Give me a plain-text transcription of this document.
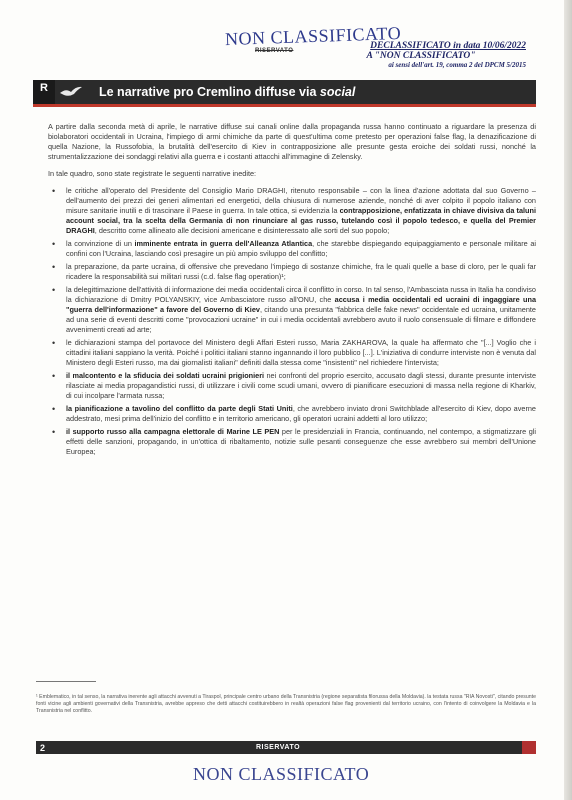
NON CLASSIFICATO
RISERVATO	DECLASSIFICATO in data 10/06/2022
A "NON CLASSIFICATO"
ai sensi dell'art. 19, comma 2 del DPCM 5/2015
R	Le narrative pro Cremlino diffuse via social

A partire dalla seconda metà di aprile, le narrative diffuse sui canali online dalla propaganda russa hanno continuato a riguardare la presenza di biolaboratori occidentali in Ucraina, l'impiego di armi chimiche da parte di quest'ultima come pretesto per operazioni false flag, la denazificazione di quella Nazione, la Russofobia, la brutalità dell'esercito di Kiev in contrapposizione alle presunte gesta eroiche dei soldati russi, nonché la strumentalizzazione dei sondaggi relativi alla guerra e i costanti attacchi all'immagine di Zelensky.

In tale quadro, sono state registrate le seguenti narrative inedite:

• le critiche all'operato del Presidente del Consiglio Mario DRAGHI, ritenuto responsabile – con la linea d'azione adottata dal suo Governo – dell'aumento dei prezzi dei generi alimentari ed energetici, della chiusura di numerose aziende, nonché di aver colpito il popolo italiano con misure sanitarie inutili e di trascinare il Paese in guerra. In tale ottica, si evidenzia la contrapposizione, enfatizzata in chiave divisiva da taluni account social, tra la scelta della Germania di non rinunciare al gas russo, tutelando così il popolo tedesco, e quella del Premier DRAGHI, descritto come allineato alle decisioni americane e disinteressato alle sorti del suo popolo;
• la convinzione di un imminente entrata in guerra dell'Alleanza Atlantica, che starebbe dispiegando equipaggiamento e personale militare ai confini con l'Ucraina, lasciando così presagire un più ampio sviluppo del conflitto;
• la preparazione, da parte ucraina, di offensive che prevedano l'impiego di sostanze chimiche, fra le quali quelle a base di cloro, per le quali far ricadere la responsabilità sui militari russi (c.d. false flag operation)¹;
• la delegittimazione dell'attività di informazione dei media occidentali circa il conflitto in corso. In tal senso, l'Ambasciata russa in Italia ha condiviso la dichiarazione di Dmitry POLYANSKIY, vice Ambasciatore russo all'ONU, che accusa i media occidentali ed ucraini di ingaggiare una "guerra dell'informazione" a favore del Governo di Kiev, citando una presunta "fabbrica delle fake news" occidentale ed ucraina, unitamente ad una serie di eventi descritti come "provocazioni ucraine" in cui i media occidentali avrebbero avuto il ruolo consensuale di filmare e diffondere avvenimenti creati ad arte;
• le dichiarazioni stampa del portavoce del Ministero degli Affari Esteri russo, Maria ZAKHAROVA, la quale ha affermato che "[...] Voglio che i cittadini italiani sappiano la verità. Poiché i politici italiani stanno ingannando il loro pubblico [...]. L'iniziativa di condurre interviste non è venuta dal Ministero degli Esteri russo, ma dai giornalisti italiani" definiti dalla stessa come "insistenti" nel richiedere l'intervista;
• il malcontento e la sfiducia dei soldati ucraini prigionieri nei confronti del proprio esercito, accusato dagli stessi, durante presunte interviste rilasciate ai media propagandistici russi, di utilizzare i civili come scudi umani, ovvero di pianificare esecuzioni di massa nella regione di Kharkiv, di cui incolpare l'armata russa;
• la pianificazione a tavolino del conflitto da parte degli Stati Uniti, che avrebbero inviato droni Switchblade all'esercito di Kiev, dopo averne addestrato, mesi prima dell'inizio del conflitto e in territorio americano, gli operatori ucraini addetti al loro utilizzo;
• il supporto russo alla campagna elettorale di Marine LE PEN per le presidenziali in Francia, continuando, nel contempo, a stigmatizzare gli effetti delle sanzioni, propagando, in un'ottica di ribaltamento, notizie sulle pesanti conseguenze che esse avrebbero sui membri dell'Unione Europea;
¹ Emblematico, in tal senso, la narrativa inerente agli attacchi avvenuti a Tiraspol, principale centro urbano della Transnistria (regione separatista filorussa della Moldavia). la testata russa "RIA Novosti", citando presunte fonti vicine agli ambienti governativi della Transnistria, avrebbe appreso che detti attacchi costituirebbero in realtà operazioni false flag provenienti dal territorio ucraino, con l'intento di coinvolgere la Moldavia e la Transnistria nel conflitto.
2	RISERVATO
NON CLASSIFICATO
